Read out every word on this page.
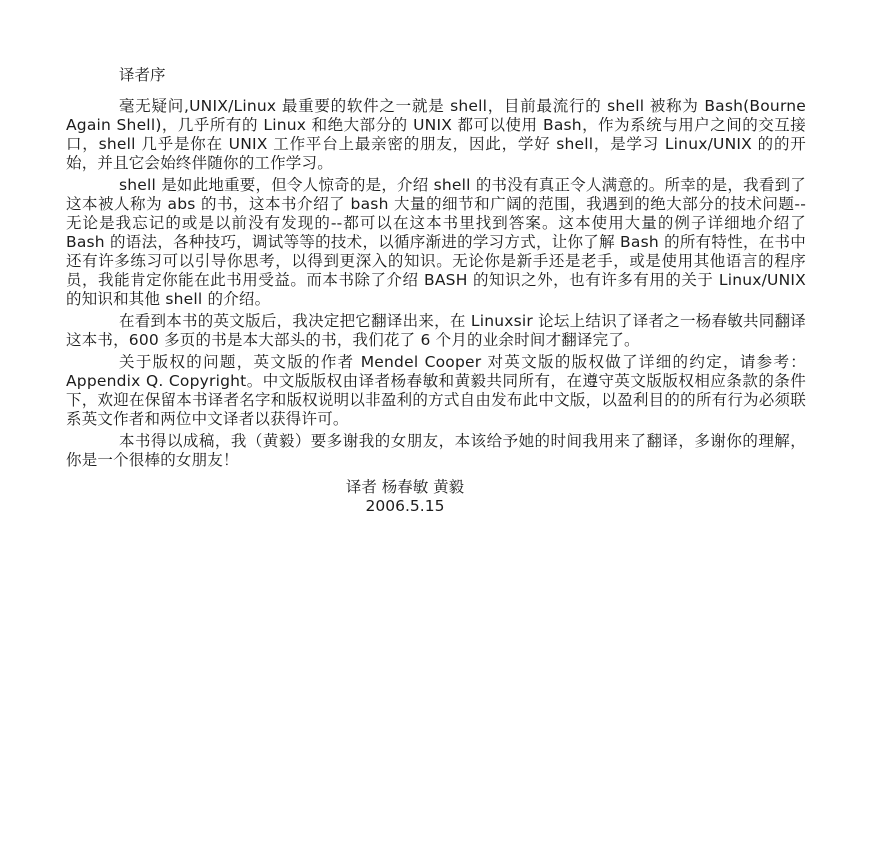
译者序

毫无疑问,UNIX/Linux 最重要的软件之一就是 shell，目前最流行的 shell 被称为 Bash(Bourne Again Shell)，几乎所有的 Linux 和绝大部分的 UNIX 都可以使用 Bash，作为系统与用户之间的交互接口，shell 几乎是你在 UNIX 工作平台上最亲密的朋友，因此，学好 shell，是学习 Linux/UNIX 的的开始，并且它会始终伴随你的工作学习。

shell 是如此地重要，但令人惊奇的是，介绍 shell 的书没有真正令人满意的。所幸的是，我看到了这本被人称为 abs 的书，这本书介绍了 bash 大量的细节和广阔的范围，我遇到的绝大部分的技术问题--无论是我忘记的或是以前没有发现的--都可以在这本书里找到答案。这本使用大量的例子详细地介绍了 Bash 的语法，各种技巧，调试等等的技术，以循序渐进的学习方式，让你了解 Bash 的所有特性，在书中还有许多练习可以引导你思考，以得到更深入的知识。无论你是新手还是老手，或是使用其他语言的程序员，我能肯定你能在此书用受益。而本书除了介绍 BASH 的知识之外，也有许多有用的关于 Linux/UNIX 的知识和其他 shell 的介绍。

在看到本书的英文版后，我决定把它翻译出来，在 Linuxsir 论坛上结识了译者之一杨春敏共同翻译这本书，600 多页的书是本大部头的书，我们花了 6 个月的业余时间才翻译完了。

关于版权的问题，英文版的作者 Mendel Cooper 对英文版的版权做了详细的约定，请参考：Appendix Q. Copyright。中文版版权由译者杨春敏和黄毅共同所有，在遵守英文版版权相应条款的条件下，欢迎在保留本书译者名字和版权说明以非盈利的方式自由发布此中文版，以盈利目的的所有行为必须联系英文作者和两位中文译者以获得许可。

本书得以成稿，我（黄毅）要多谢我的女朋友，本该给予她的时间我用来了翻译，多谢你的理解，你是一个很棒的女朋友！

译者 杨春敏 黄毅

2006.5.15
